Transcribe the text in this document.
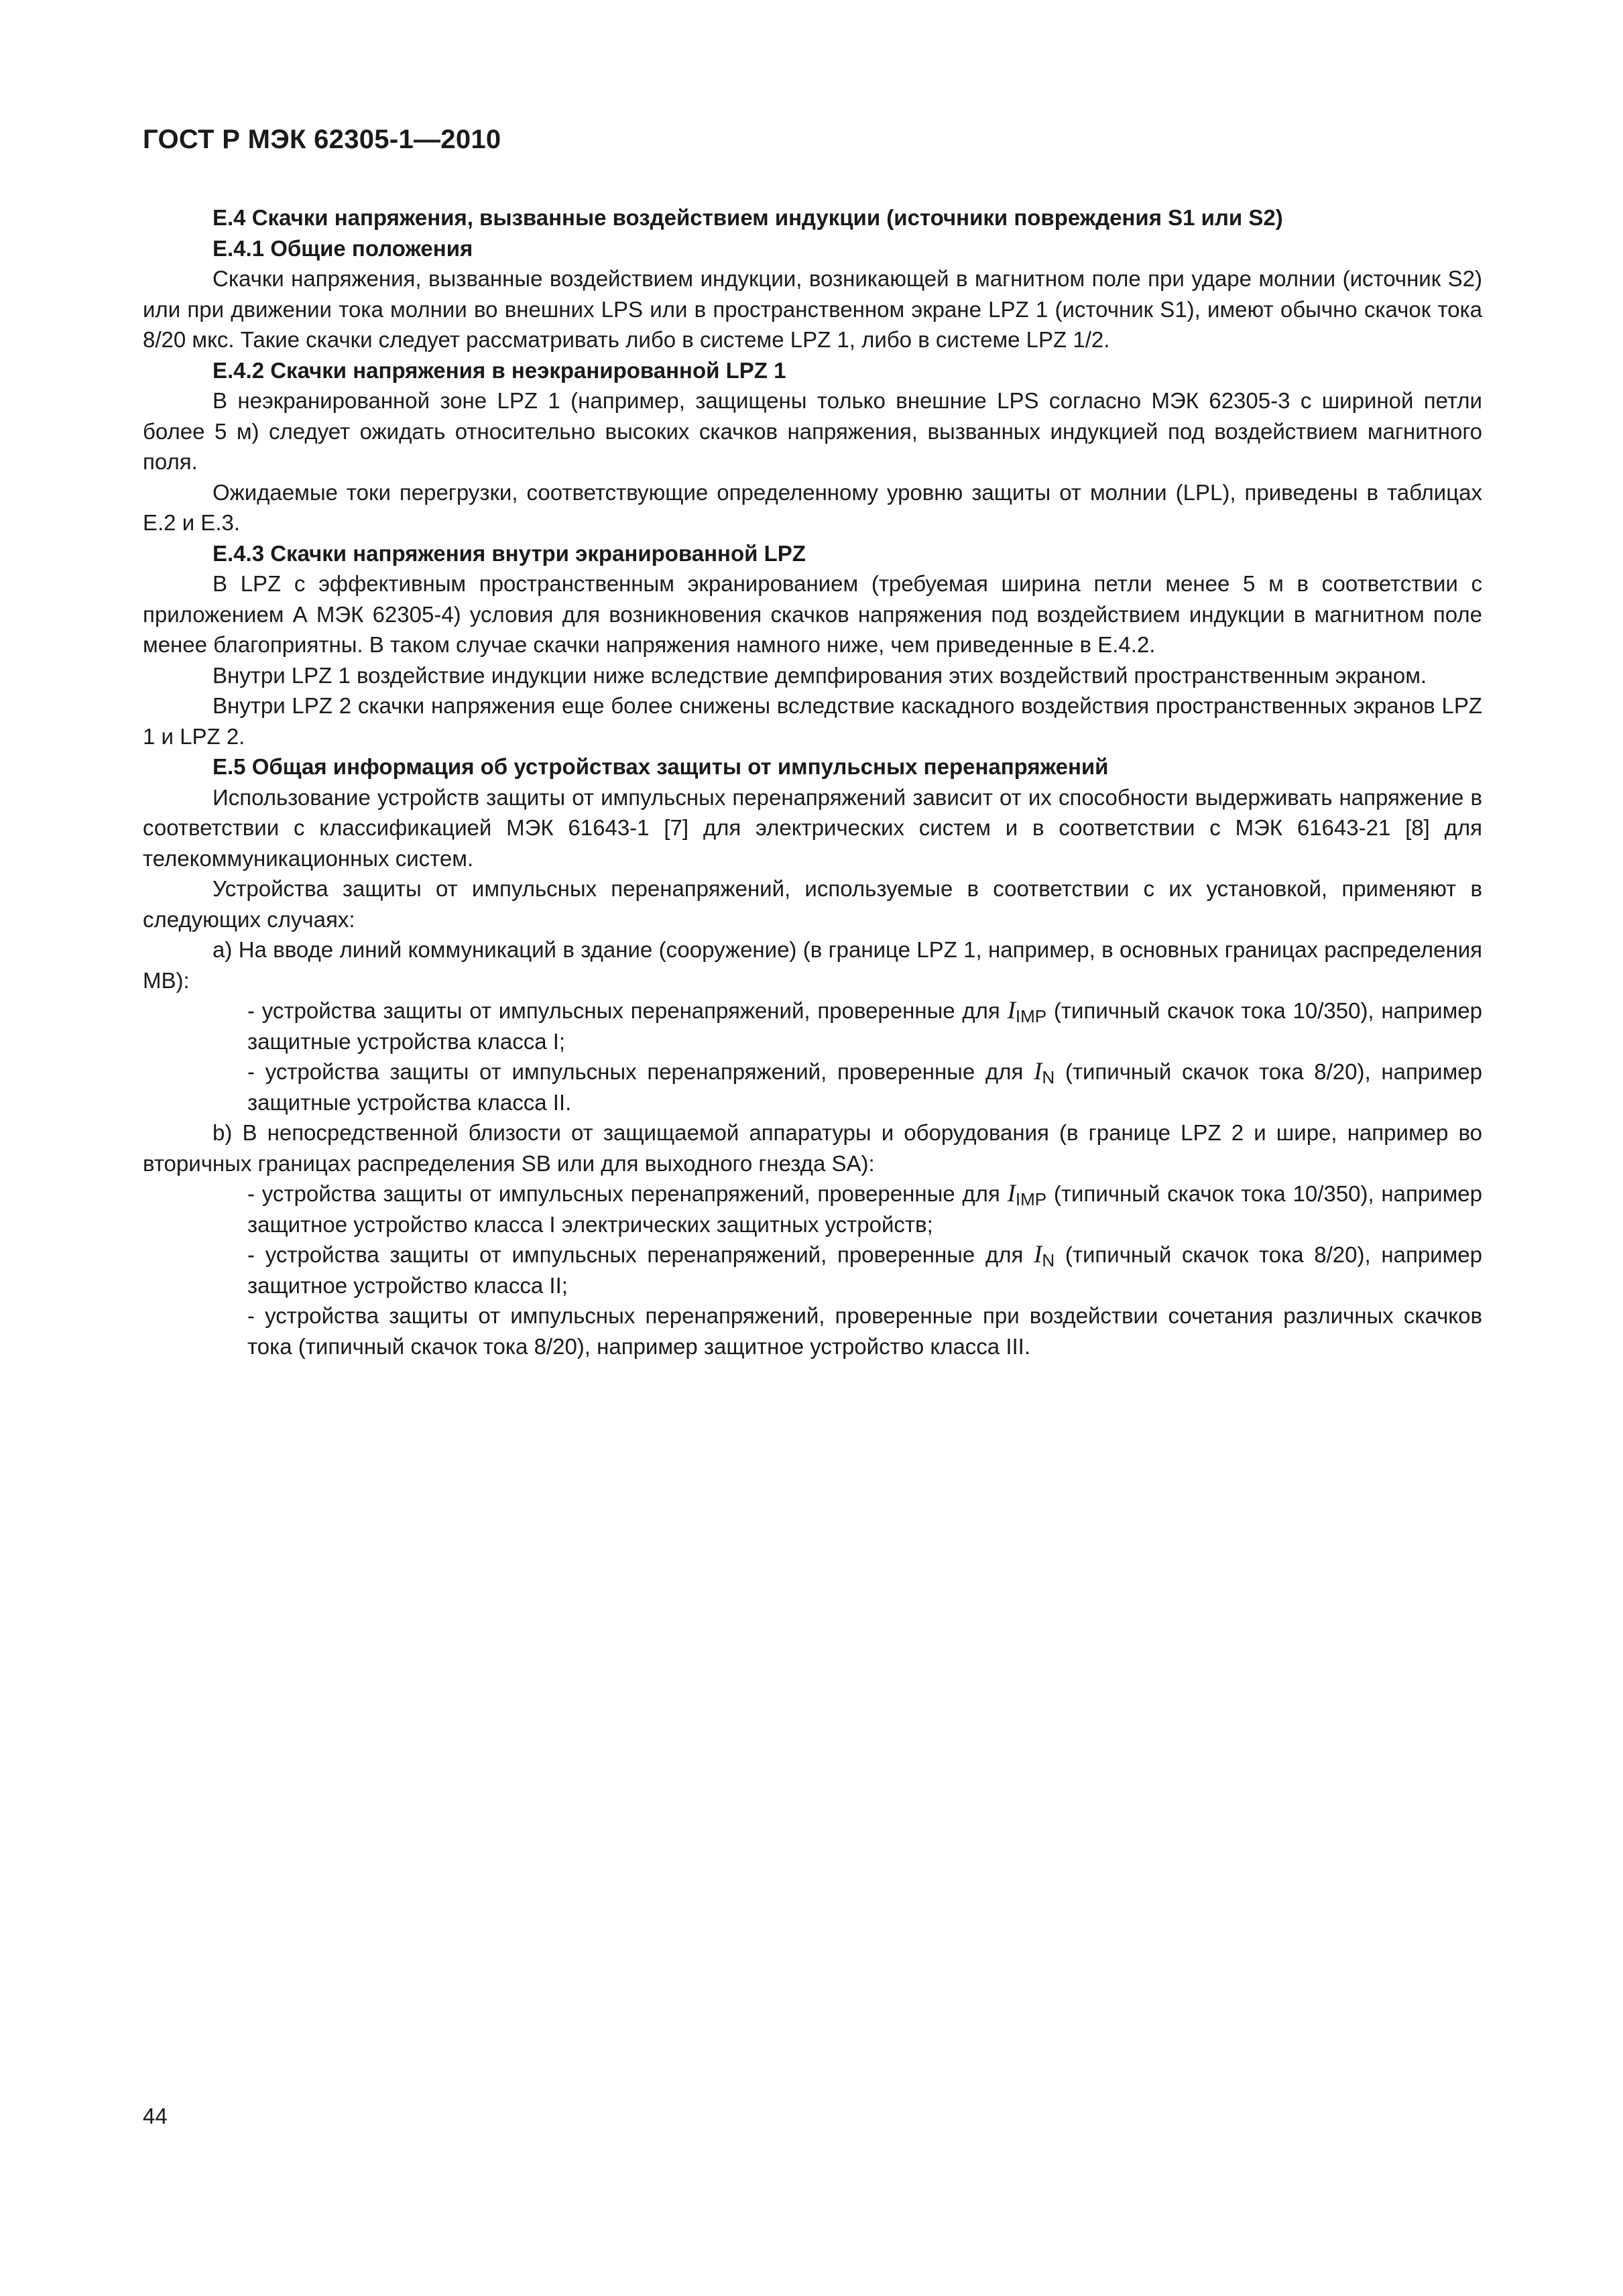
ГОСТ Р МЭК 62305-1—2010

E.4 Скачки напряжения, вызванные воздействием индукции (источники повреждения S1 или S2)

Е.4.1 Общие положения

Скачки напряжения, вызванные воздействием индукции, возникающей в магнитном поле при ударе молнии (источник S2) или при движении тока молнии во внешних LPS или в пространственном экране LPZ 1 (источник S1), имеют обычно скачок тока 8/20 мкс. Такие скачки следует рассматривать либо в системе LPZ 1, либо в системе LPZ 1/2.

Е.4.2 Скачки напряжения в неэкранированной LPZ 1

В неэкранированной зоне LPZ 1 (например, защищены только внешние LPS согласно МЭК 62305-3 с шириной петли более 5 м) следует ожидать относительно высоких скачков напряжения, вызванных индукцией под воздействием магнитного поля.

Ожидаемые токи перегрузки, соответствующие определенному уровню защиты от молнии (LPL), приведены в таблицах Е.2 и Е.3.

Е.4.3 Скачки напряжения внутри экранированной LPZ

В LPZ с эффективным пространственным экранированием (требуемая ширина петли менее 5 м в соответствии с приложением А МЭК 62305-4) условия для возникновения скачков напряжения под воздействием индукции в магнитном поле менее благоприятны. В таком случае скачки напряжения намного ниже, чем приведенные в Е.4.2.

Внутри LPZ 1 воздействие индукции ниже вследствие демпфирования этих воздействий пространственным экраном.

Внутри LPZ 2 скачки напряжения еще более снижены вследствие каскадного воздействия пространственных экранов LPZ 1 и LPZ 2.

Е.5 Общая информация об устройствах защиты от импульсных перенапряжений

Использование устройств защиты от импульсных перенапряжений зависит от их способности выдерживать напряжение в соответствии с классификацией МЭК 61643-1 [7] для электрических систем и в соответствии с МЭК 61643-21 [8] для телекоммуникационных систем.

Устройства защиты от импульсных перенапряжений, используемые в соответствии с их установкой, применяют в следующих случаях:

а) На вводе линий коммуникаций в здание (сооружение) (в границе LPZ 1, например, в основных границах распределения MB):

- устройства защиты от импульсных перенапряжений, проверенные для $I_{IMP}$ (типичный скачок тока 10/350), например защитные устройства класса I;
- устройства защиты от импульсных перенапряжений, проверенные для $I_N$ (типичный скачок тока 8/20), например защитные устройства класса II.

b) В непосредственной близости от защищаемой аппаратуры и оборудования (в границе LPZ 2 и шире, например во вторичных границах распределения SB или для выходного гнезда SA):

- устройства защиты от импульсных перенапряжений, проверенные для $I_{IMP}$ (типичный скачок тока 10/350), например защитное устройство класса I электрических защитных устройств;
- устройства защиты от импульсных перенапряжений, проверенные для $I_N$ (типичный скачок тока 8/20), например защитное устройство класса II;
- устройства защиты от импульсных перенапряжений, проверенные при воздействии сочетания различных скачков тока (типичный скачок тока 8/20), например защитное устройство класса III.
44
